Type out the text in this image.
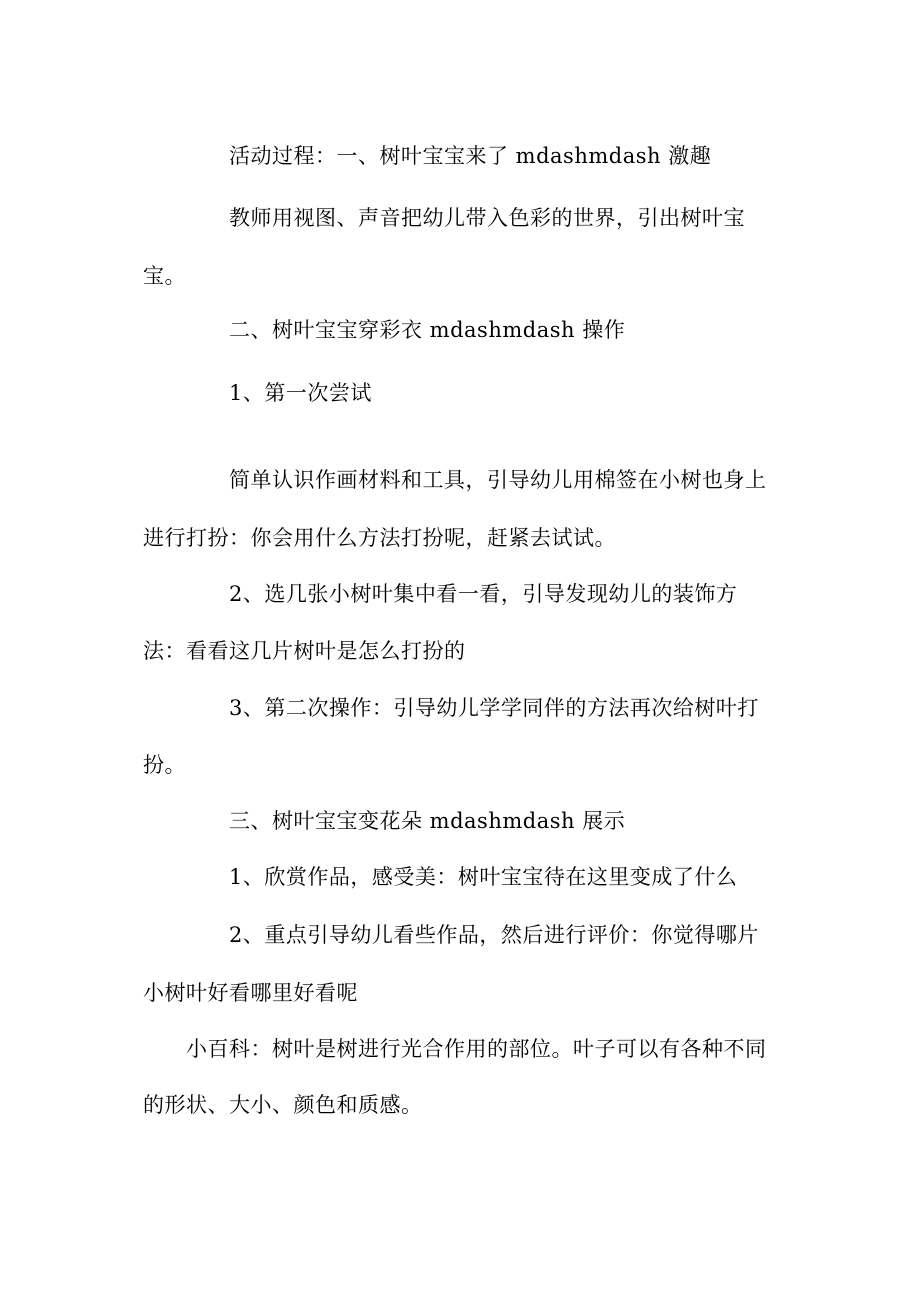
活动过程：一、树叶宝宝来了 mdashmdash 激趣

教师用视图、声音把幼儿带入色彩的世界，引出树叶宝

宝。

二、树叶宝宝穿彩衣 mdashmdash 操作

1、第一次尝试

简单认识作画材料和工具，引导幼儿用棉签在小树也身上

进行打扮：你会用什么方法打扮呢，赶紧去试试。

2、选几张小树叶集中看一看，引导发现幼儿的装饰方

法：看看这几片树叶是怎么打扮的

3、第二次操作：引导幼儿学学同伴的方法再次给树叶打

扮。

三、树叶宝宝变花朵 mdashmdash 展示

1、欣赏作品，感受美：树叶宝宝待在这里变成了什么

2、重点引导幼儿看些作品，然后进行评价：你觉得哪片

小树叶好看哪里好看呢

小百科：树叶是树进行光合作用的部位。叶子可以有各种不同

的形状、大小、颜色和质感。
